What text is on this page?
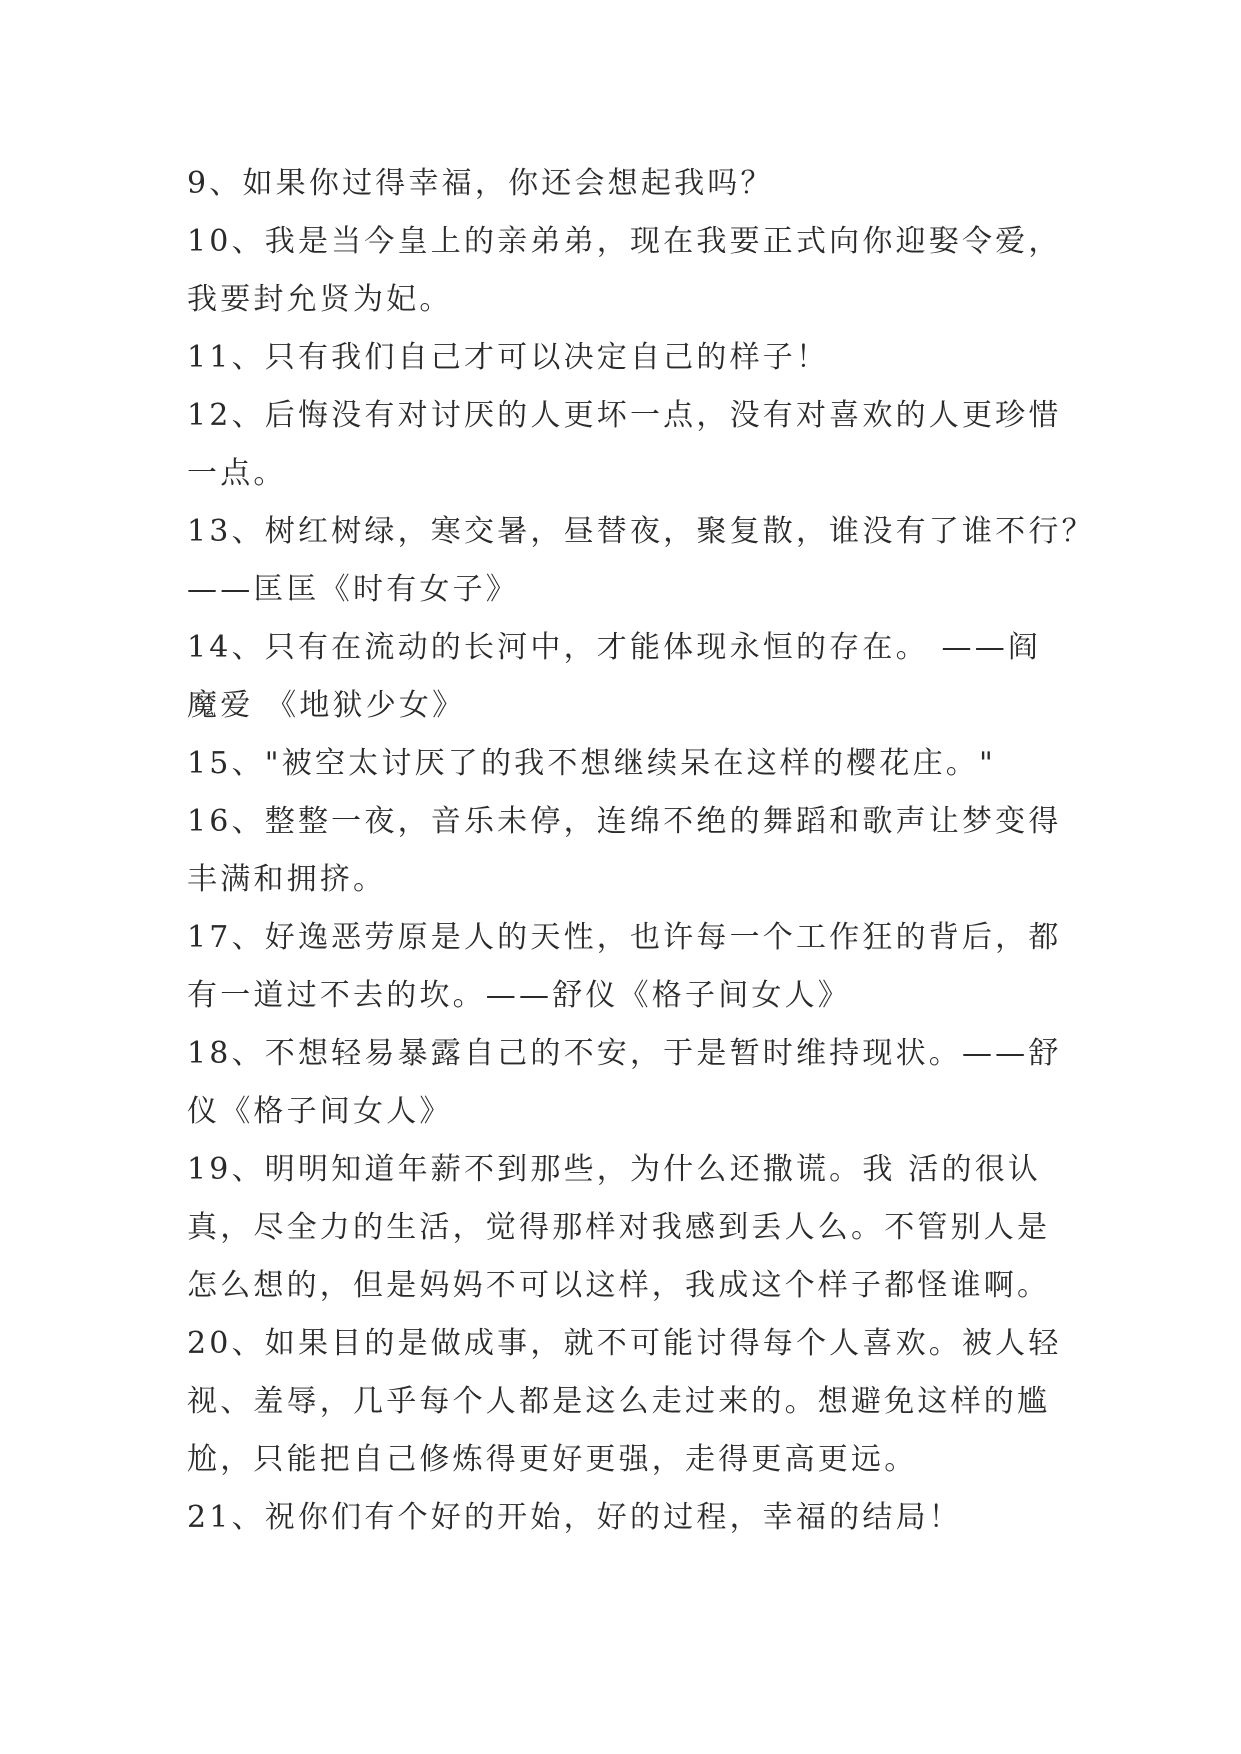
9、如果你过得幸福，你还会想起我吗？
10、我是当今皇上的亲弟弟，现在我要正式向你迎娶令爱，
我要封允贤为妃。
11、只有我们自己才可以决定自己的样子！
12、后悔没有对讨厌的人更坏一点，没有对喜欢的人更珍惜
一点。
13、树红树绿，寒交暑，昼替夜，聚复散，谁没有了谁不行？
——匡匡《时有女子》
14、只有在流动的长河中，才能体现永恒的存在。 ——阎
魔爱 《地狱少女》
15、"被空太讨厌了的我不想继续呆在这样的樱花庄。"
16、整整一夜，音乐未停，连绵不绝的舞蹈和歌声让梦变得
丰满和拥挤。
17、好逸恶劳原是人的天性，也许每一个工作狂的背后，都
有一道过不去的坎。——舒仪《格子间女人》
18、不想轻易暴露自己的不安，于是暂时维持现状。——舒
仪《格子间女人》
19、明明知道年薪不到那些，为什么还撒谎。我 活的很认
真，尽全力的生活，觉得那样对我感到丢人么。不管别人是
怎么想的，但是妈妈不可以这样，我成这个样子都怪谁啊。
20、如果目的是做成事，就不可能讨得每个人喜欢。被人轻
视、羞辱，几乎每个人都是这么走过来的。想避免这样的尴
尬，只能把自己修炼得更好更强，走得更高更远。
21、祝你们有个好的开始，好的过程，幸福的结局！
